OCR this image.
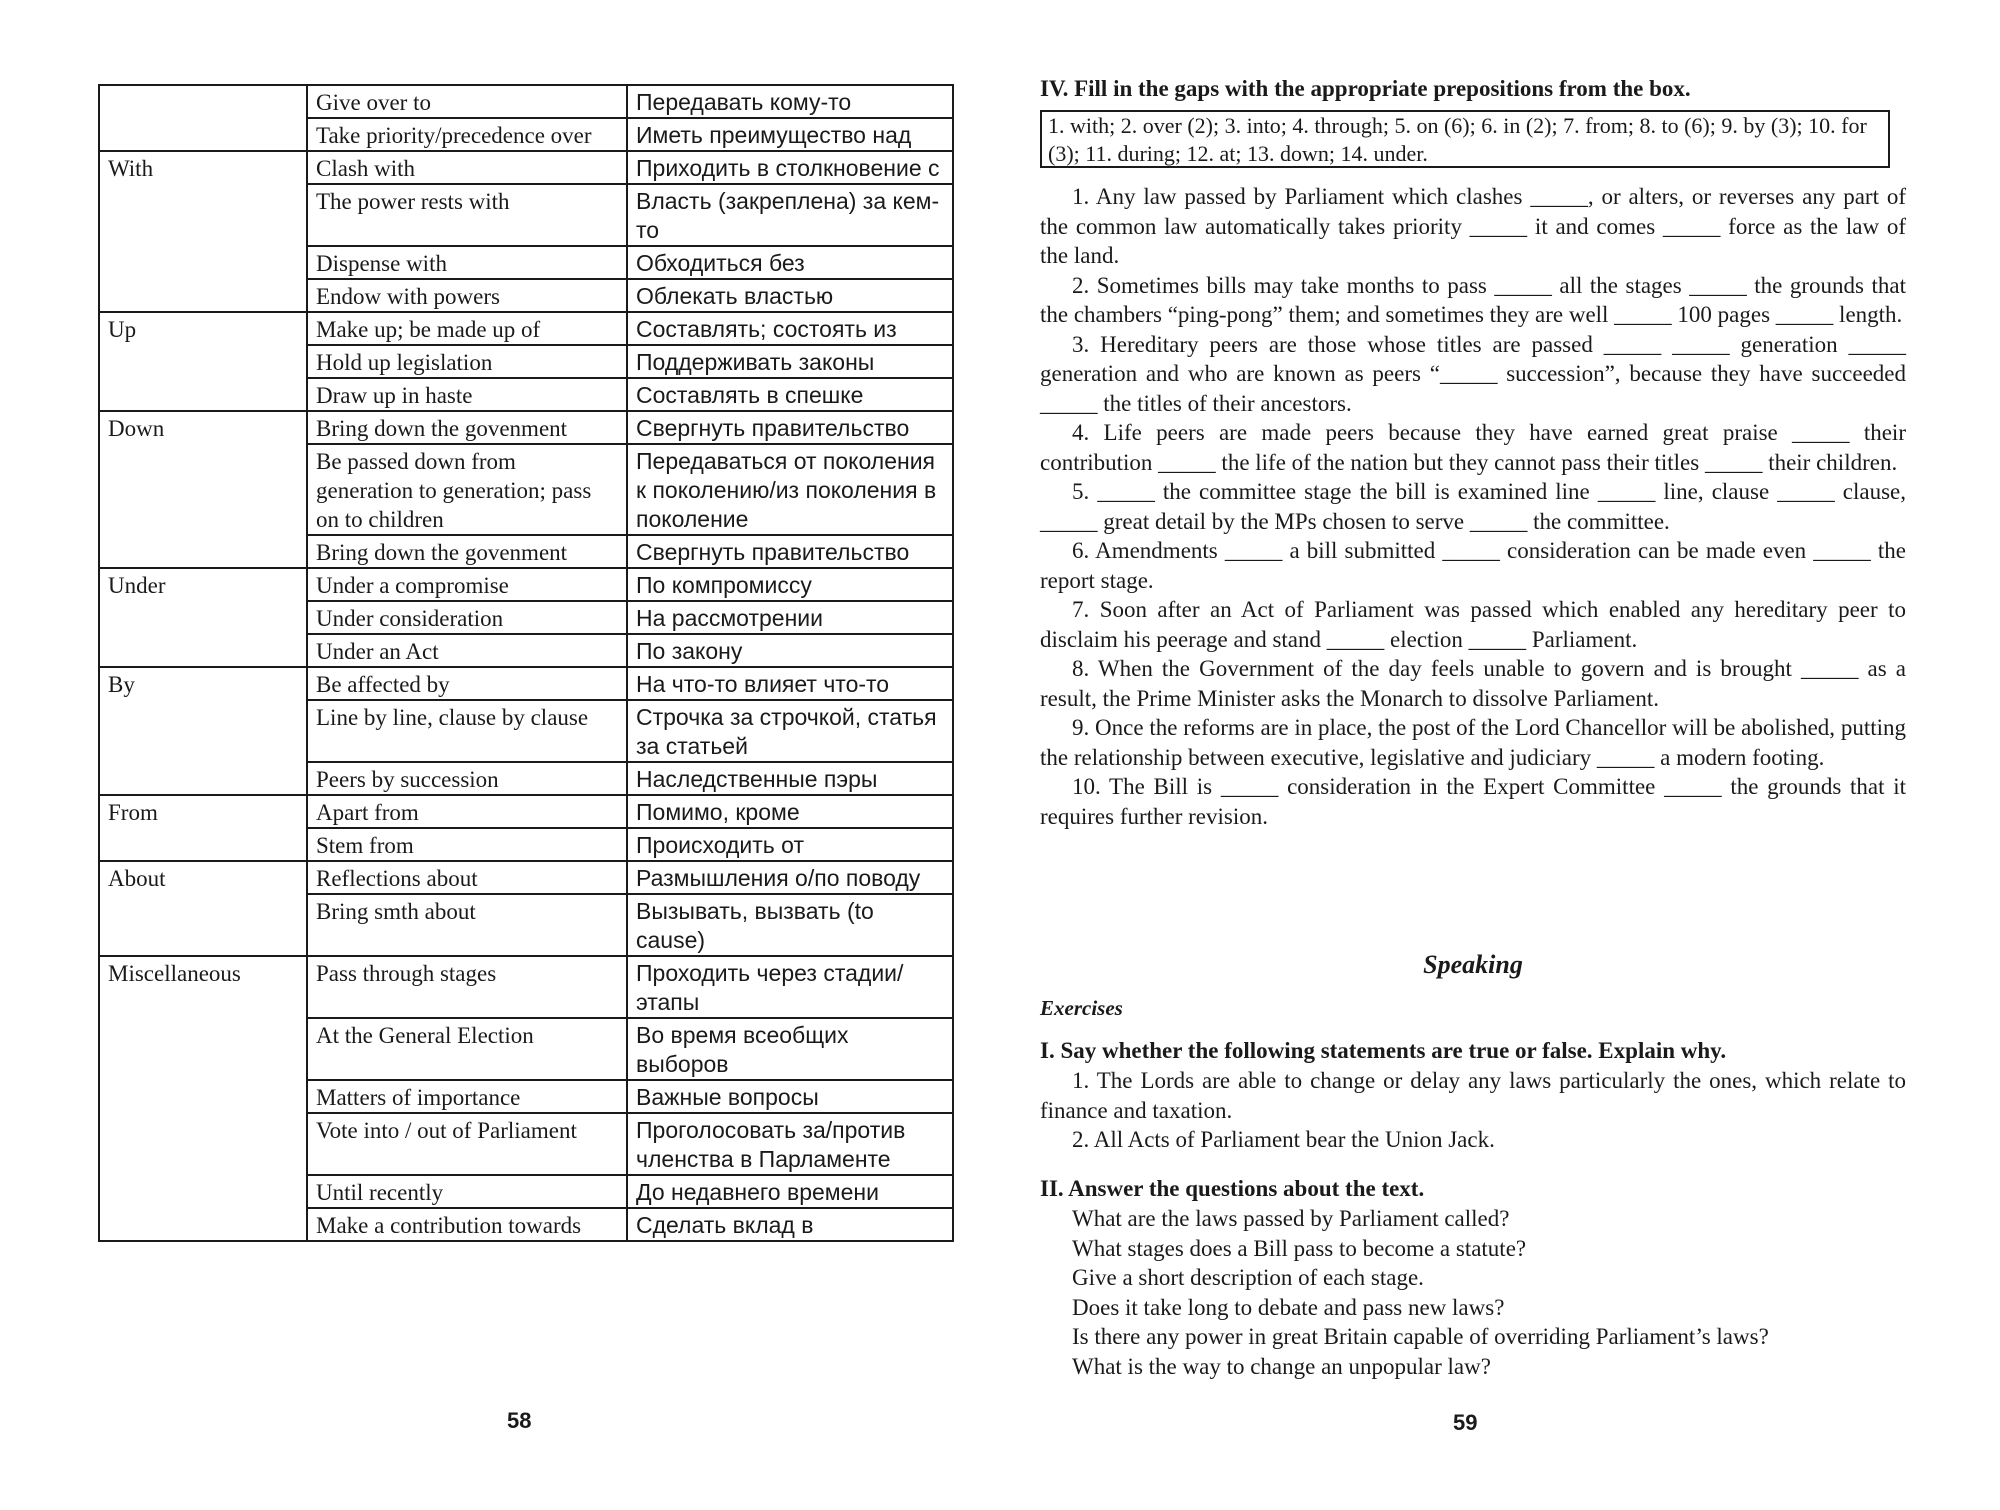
	Give over to	Передавать кому-то
	Take priority/precedence over	Иметь преимущество над
With	Clash with	Приходить в столкновение с
	The power rests with	Власть (закреплена) за кем-то
	Dispense with	Обходиться без
	Endow with powers	Облекать властью
Up	Make up; be made up of	Составлять; состоять из
	Hold up legislation	Поддерживать законы
	Draw up in haste	Составлять в спешке
Down	Bring down the govenment	Свергнуть правительство
	Be passed down from generation to generation; pass on to children	Передаваться от поколения к поколению/из поколения в поколение
	Bring down the govenment	Свергнуть правительство
Under	Under a compromise	По компромиссу
	Under consideration	На рассмотрении
	Under an Act	По закону
By	Be affected by	На что-то влияет что-то
	Line by line, clause by clause	Строчка за строчкой, статья за статьей
	Peers by succession	Наследственные пэры
From	Apart from	Помимо, кроме
	Stem from	Происходить от
About	Reflections about	Размышления о/по поводу
	Bring smth about	Вызывать, вызвать (to cause)
Miscellaneous	Pass through stages	Проходить через стадии/этапы
	At the General Election	Во время всеобщих выборов
	Matters of importance	Важные вопросы
	Vote into / out of Parliament	Проголосовать за/против членства в Парламенте
	Until recently	До недавнего времени
	Make a contribution towards	Сделать вклад в
58
IV. Fill in the gaps with the appropriate prepositions from the box.
1. with; 2. over (2); 3. into; 4. through; 5. on (6); 6. in (2); 7. from; 8. to (6); 9. by (3); 10. for (3); 11. during; 12. at; 13. down; 14. under.

1. Any law passed by Parliament which clashes _____, or alters, or reverses any part of the common law automatically takes priority _____ it and comes _____ force as the law of the land.

2. Sometimes bills may take months to pass _____ all the stages _____ the grounds that the chambers “ping-pong” them; and sometimes they are well _____ 100 pages _____ length.

3. Hereditary peers are those whose titles are passed _____ _____ generation _____ generation and who are known as peers “_____ succession”, because they have succeeded _____ the titles of their ancestors.

4. Life peers are made peers because they have earned great praise _____ their contribution _____ the life of the nation but they cannot pass their titles _____ their children.

5. _____ the committee stage the bill is examined line _____ line, clause _____ clause, _____ great detail by the MPs chosen to serve _____ the committee.

6. Amendments _____ a bill submitted _____ consideration can be made even _____ the report stage.

7. Soon after an Act of Parliament was passed which enabled any hereditary peer to disclaim his peerage and stand _____ election _____ Parliament.

8. When the Government of the day feels unable to govern and is brought _____ as a result, the Prime Minister asks the Monarch to dissolve Parliament.

9. Once the reforms are in place, the post of the Lord Chancellor will be abolished, putting the relationship between executive, legislative and judiciary _____ a modern footing.

10. The Bill is _____ consideration in the Expert Committee _____ the grounds that it requires further revision.

Speaking
Exercises
I. Say whether the following statements are true or false. Explain why.

1. The Lords are able to change or delay any laws particularly the ones, which relate to finance and taxation.

2. All Acts of Parliament bear the Union Jack.

II. Answer the questions about the text.

What are the laws passed by Parliament called?

What stages does a Bill pass to become a statute?

Give a short description of each stage.

Does it take long to debate and pass new laws?

Is there any power in great Britain capable of overriding Parliament’s laws?

What is the way to change an unpopular law?

59
